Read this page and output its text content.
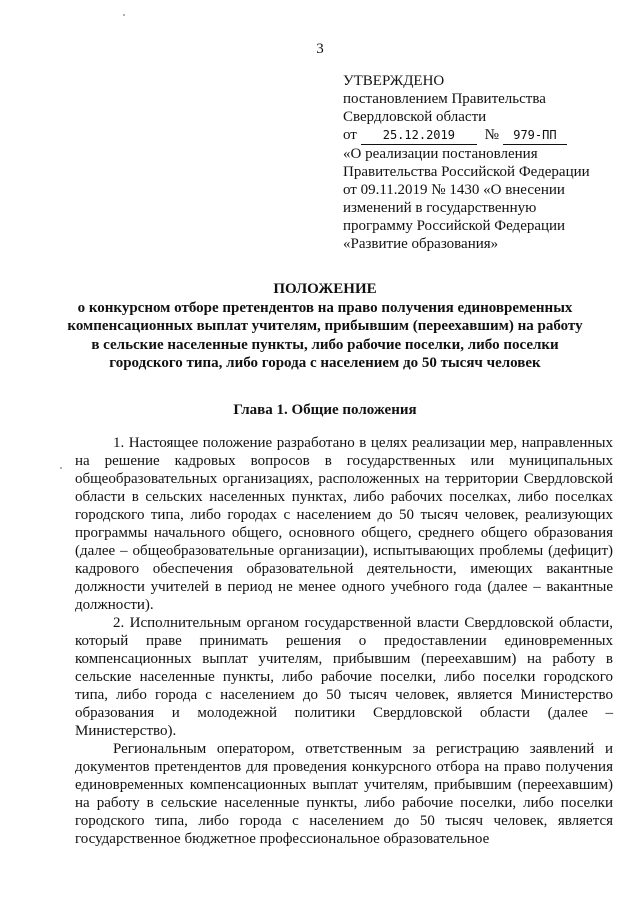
3
УТВЕРЖДЕНО
постановлением Правительства
Свердловской области
от 25.12.2019 № 979-ПП
«О реализации постановления
Правительства Российской Федерации
от 09.11.2019 № 1430 «О внесении
изменений в государственную
программу Российской Федерации
«Развитие образования»
ПОЛОЖЕНИЕ
о конкурсном отборе претендентов на право получения единовременных
компенсационных выплат учителям, прибывшим (переехавшим) на работу
в сельские населенные пункты, либо рабочие поселки, либо поселки
городского типа, либо города с населением до 50 тысяч человек
Глава 1. Общие положения

1. Настоящее положение разработано в целях реализации мер, направленных на решение кадровых вопросов в государственных или муниципальных общеобразовательных организациях, расположенных на территории Свердловской области в сельских населенных пунктах, либо рабочих поселках, либо поселках городского типа, либо городах с населением до 50 тысяч человек, реализующих программы начального общего, основного общего, среднего общего образования (далее – общеобразовательные организации), испытывающих проблемы (дефицит) кадрового обеспечения образовательной деятельности, имеющих вакантные должности учителей в период не менее одного учебного года (далее – вакантные должности).

2. Исполнительным органом государственной власти Свердловской области, который праве принимать решения о предоставлении единовременных компенсационных выплат учителям, прибывшим (переехавшим) на работу в сельские населенные пункты, либо рабочие поселки, либо поселки городского типа, либо города с населением до 50 тысяч человек, является Министерство образования и молодежной политики Свердловской области (далее – Министерство).

Региональным оператором, ответственным за регистрацию заявлений и документов претендентов для проведения конкурсного отбора на право получения единовременных компенсационных выплат учителям, прибывшим (переехавшим) на работу в сельские населенные пункты, либо рабочие поселки, либо поселки городского типа, либо города с населением до 50 тысяч человек, является государственное бюджетное профессиональное образовательное
